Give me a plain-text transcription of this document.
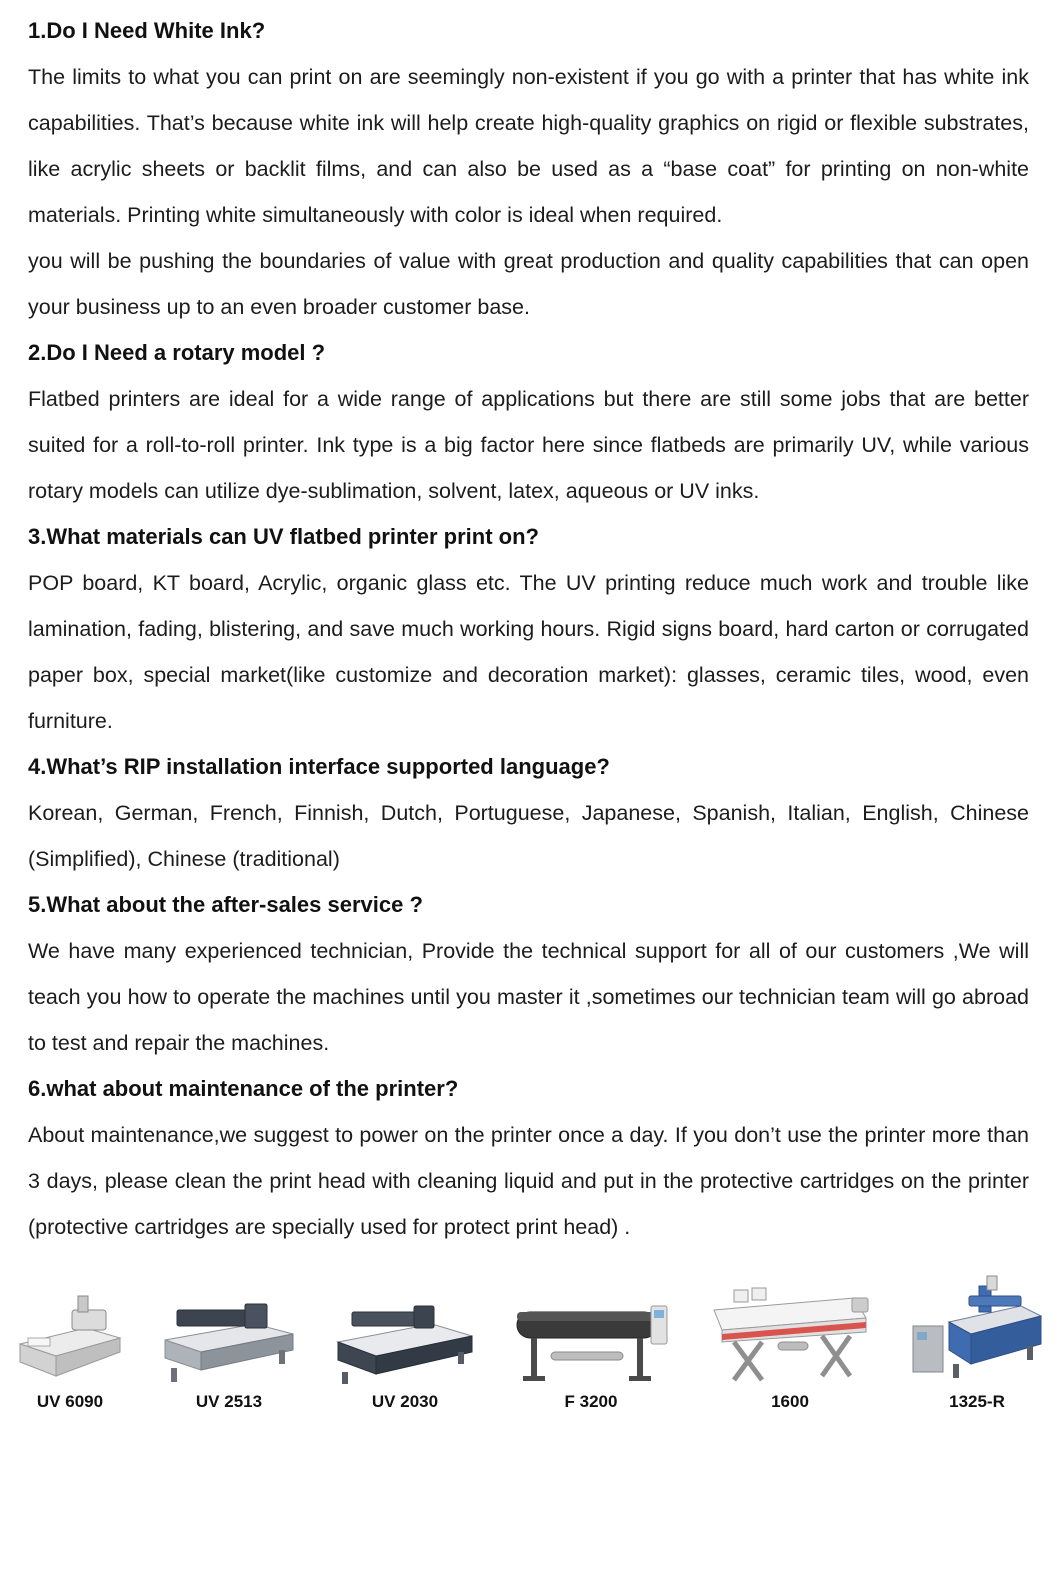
1.Do I Need White Ink?

The limits to what you can print on are seemingly non-existent if you go with a printer that has white ink capabilities. That’s because white ink will help create high-quality graphics on rigid or flexible substrates, like acrylic sheets or backlit films, and can also be used as a “base coat” for printing on non-white materials. Printing white simultaneously with color is ideal when required.

you will be pushing the boundaries of value with great production and quality capabilities that can open your business up to an even broader customer base.

2.Do I Need a rotary model ?

Flatbed printers are ideal for a wide range of applications but there are still some jobs that are better suited for a roll-to-roll printer. Ink type is a big factor here since flatbeds are primarily UV, while various rotary models can utilize dye-sublimation, solvent, latex, aqueous or UV inks.

3.What materials can UV flatbed printer print on?

POP board, KT board, Acrylic, organic glass etc. The UV printing reduce much work and trouble like lamination, fading, blistering, and save much working hours. Rigid signs board, hard carton or corrugated paper box, special market(like customize and decoration market): glasses, ceramic tiles, wood, even furniture.

4.What’s RIP installation interface supported language?

Korean, German, French, Finnish, Dutch, Portuguese, Japanese, Spanish, Italian, English, Chinese (Simplified), Chinese (traditional)

5.What about the after-sales service ?

We have many experienced technician, Provide the technical support for all of our customers ,We will teach you how to operate the machines until you master it ,sometimes our technician team will go abroad to test and repair the machines.

6.what about maintenance of the printer?

About maintenance,we suggest to power on the printer once a day. If you don’t use the printer more than 3 days, please clean the print head with cleaning liquid and put in the protective cartridges on the printer (protective cartridges are specially used for protect print head) .

UV 6090	UV 2513	UV 2030	F 3200	1600	1325-R
